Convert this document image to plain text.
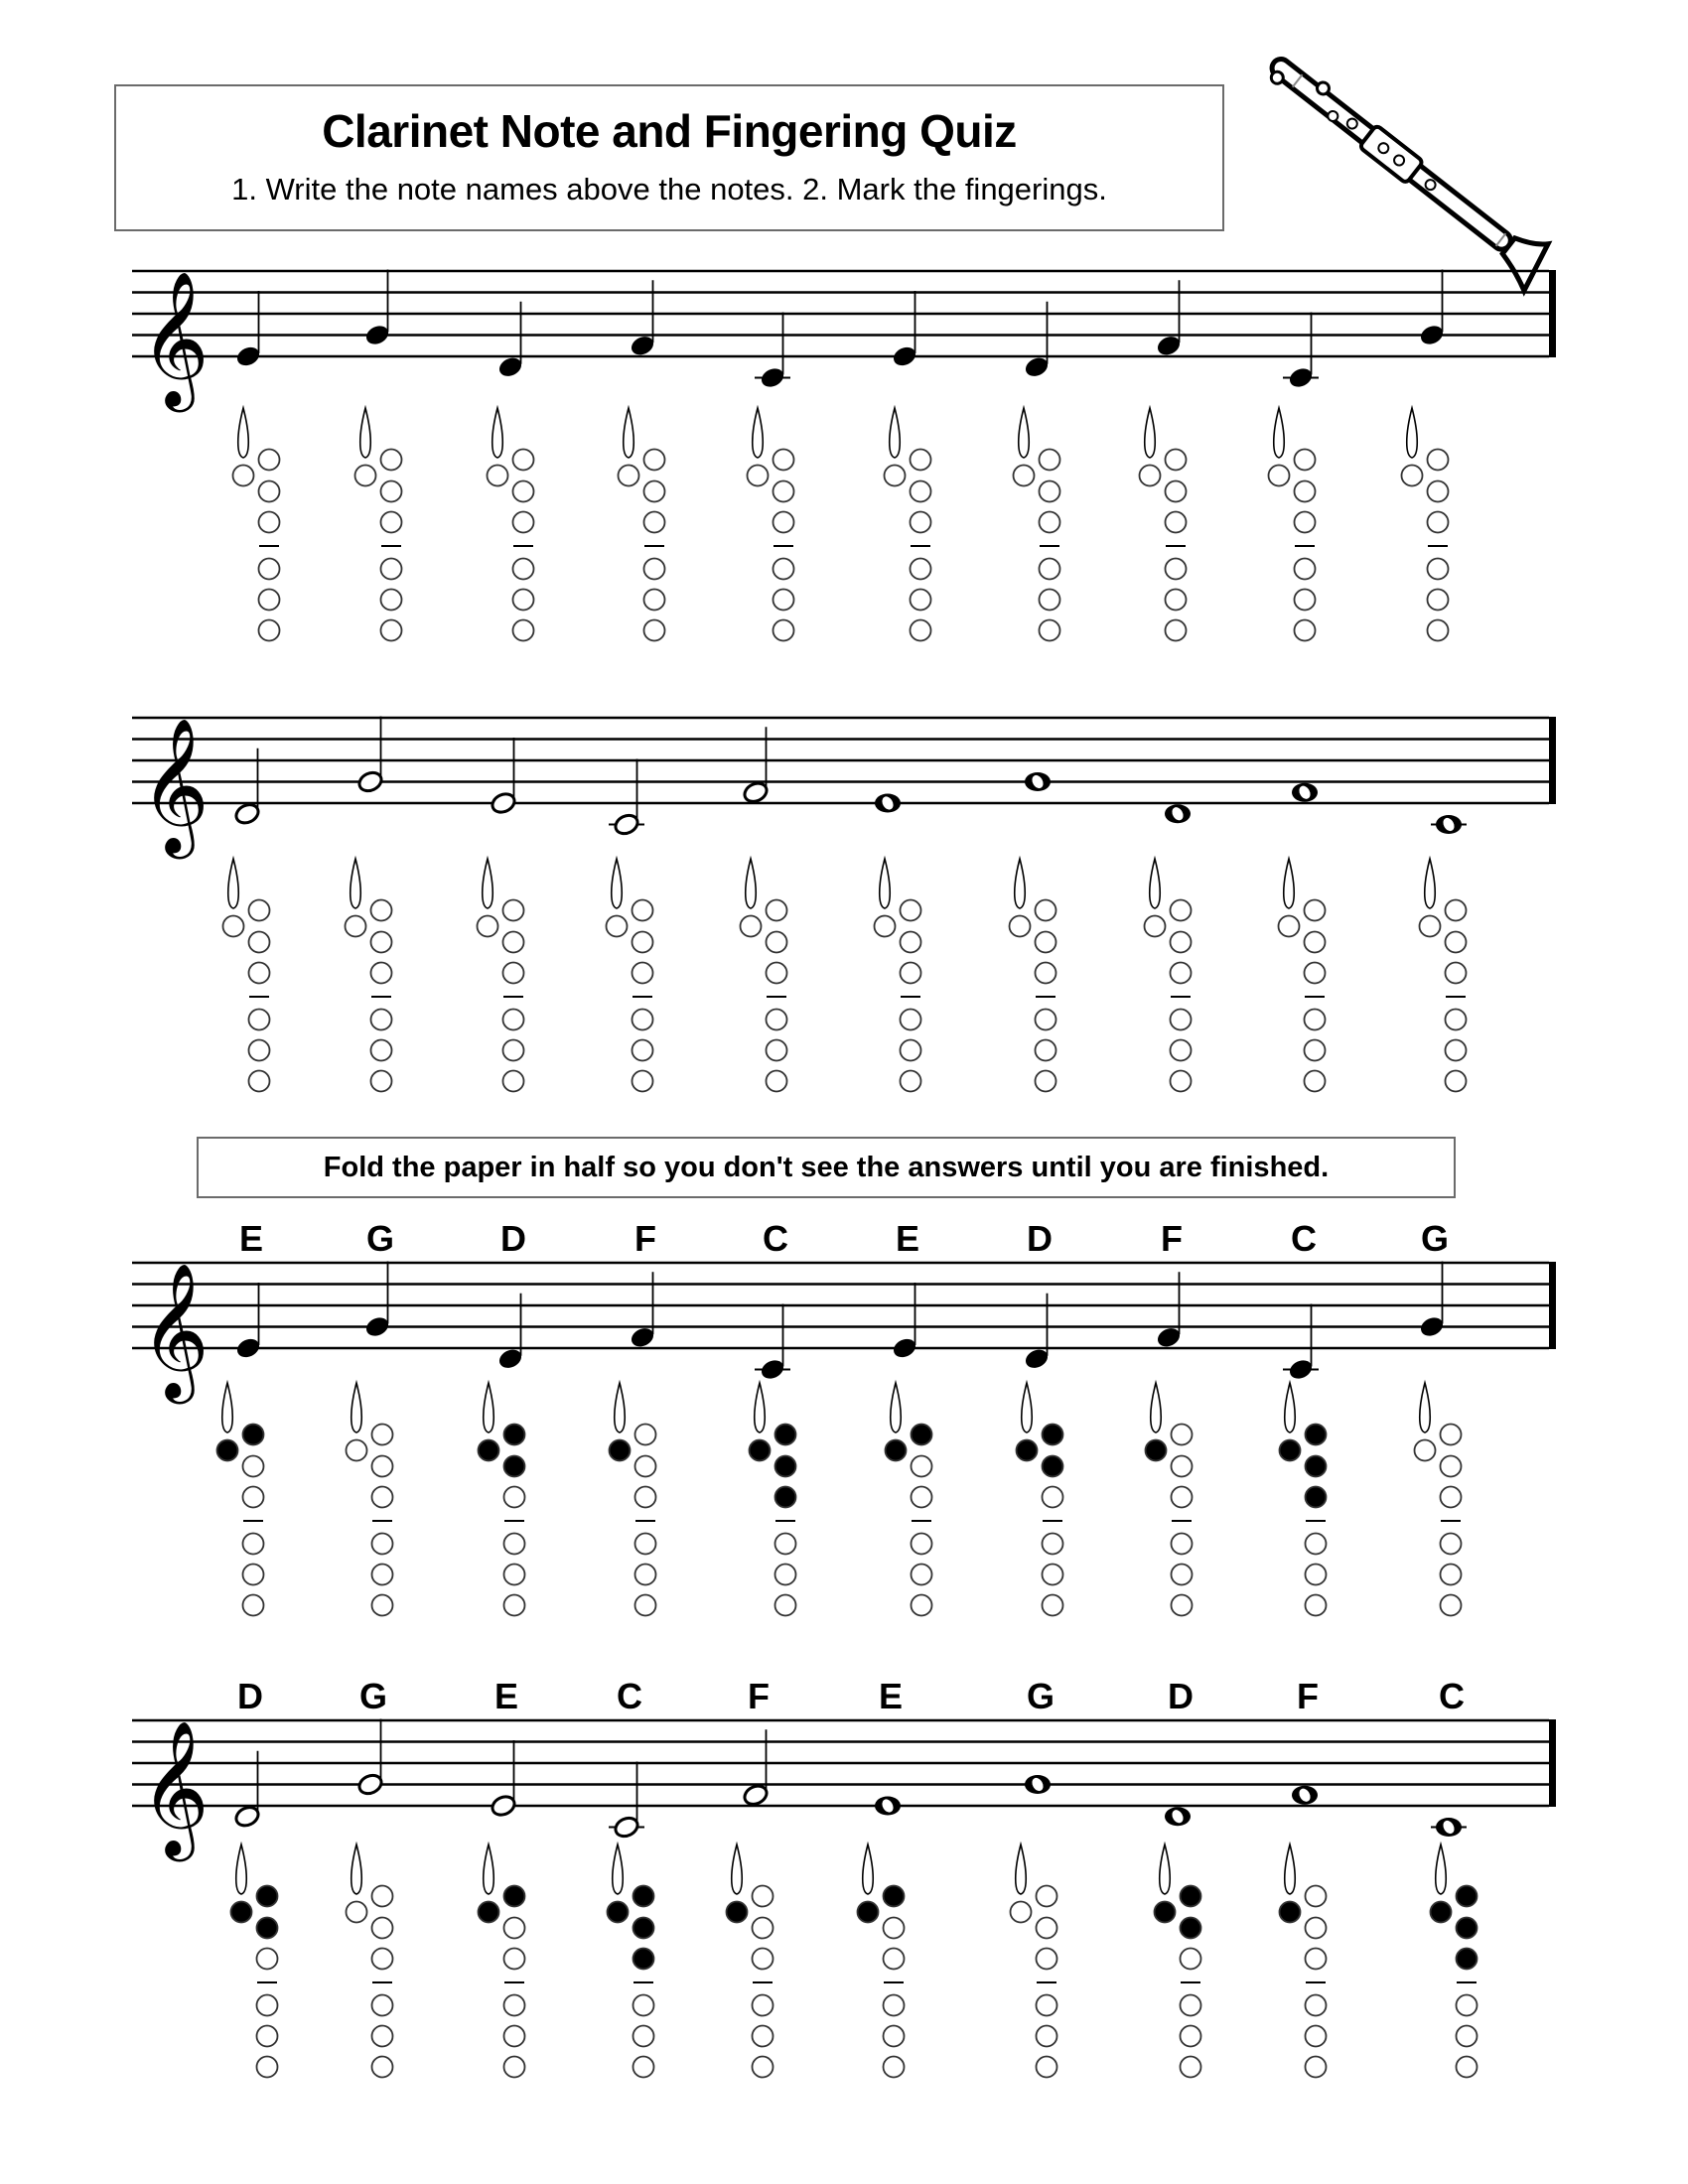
Clarinet Note and Fingering Quiz
1. Write the note names above the notes. 2. Mark the fingerings.
Fold the paper in half so you don't see the answers until you are finished.
𝄞
𝄞
𝄞
E	G	D	F	C	E	D	F	C	G
𝄞
D	G	E	C	F	E	G	D	F	C
